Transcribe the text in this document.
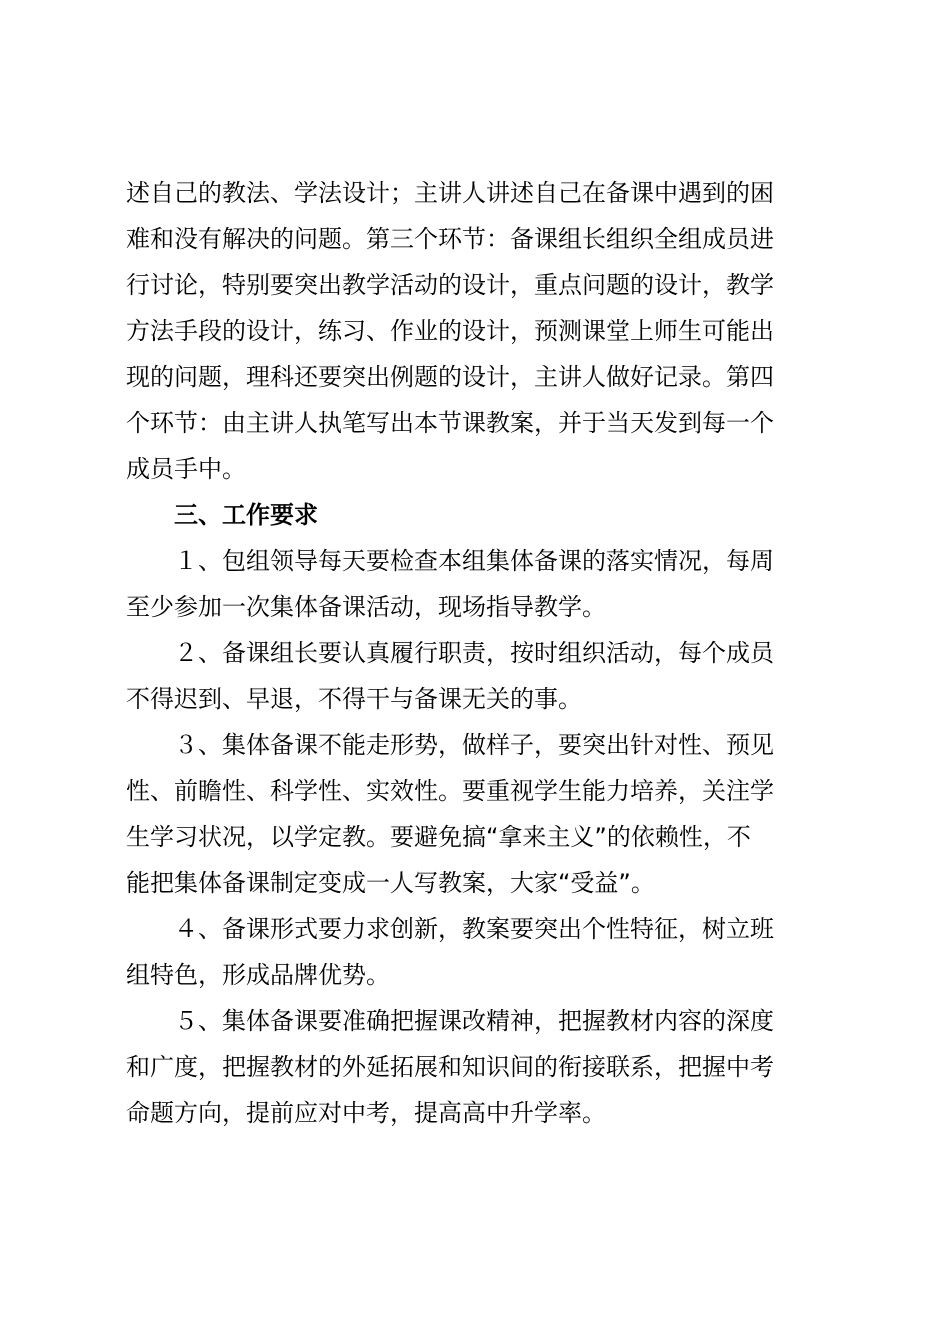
述自己的教法、学法设计；主讲人讲述自己在备课中遇到的困
难和没有解决的问题。第三个环节：备课组长组织全组成员进
行讨论，特别要突出教学活动的设计，重点问题的设计，教学
方法手段的设计，练习、作业的设计，预测课堂上师生可能出
现的问题，理科还要突出例题的设计，主讲人做好记录。第四
个环节：由主讲人执笔写出本节课教案，并于当天发到每一个
成员手中。
三、工作要求
１、包组领导每天要检查本组集体备课的落实情况，每周
至少参加一次集体备课活动，现场指导教学。
２、备课组长要认真履行职责，按时组织活动，每个成员
不得迟到、早退，不得干与备课无关的事。
３、集体备课不能走形势，做样子，要突出针对性、预见
性、前瞻性、科学性、实效性。要重视学生能力培养，关注学
生学习状况，以学定教。要避免搞“拿来主义”的依赖性，不
能把集体备课制定变成一人写教案，大家“受益”。
４、备课形式要力求创新，教案要突出个性特征，树立班
组特色，形成品牌优势。
５、集体备课要准确把握课改精神，把握教材内容的深度
和广度，把握教材的外延拓展和知识间的衔接联系，把握中考
命题方向，提前应对中考，提高高中升学率。
